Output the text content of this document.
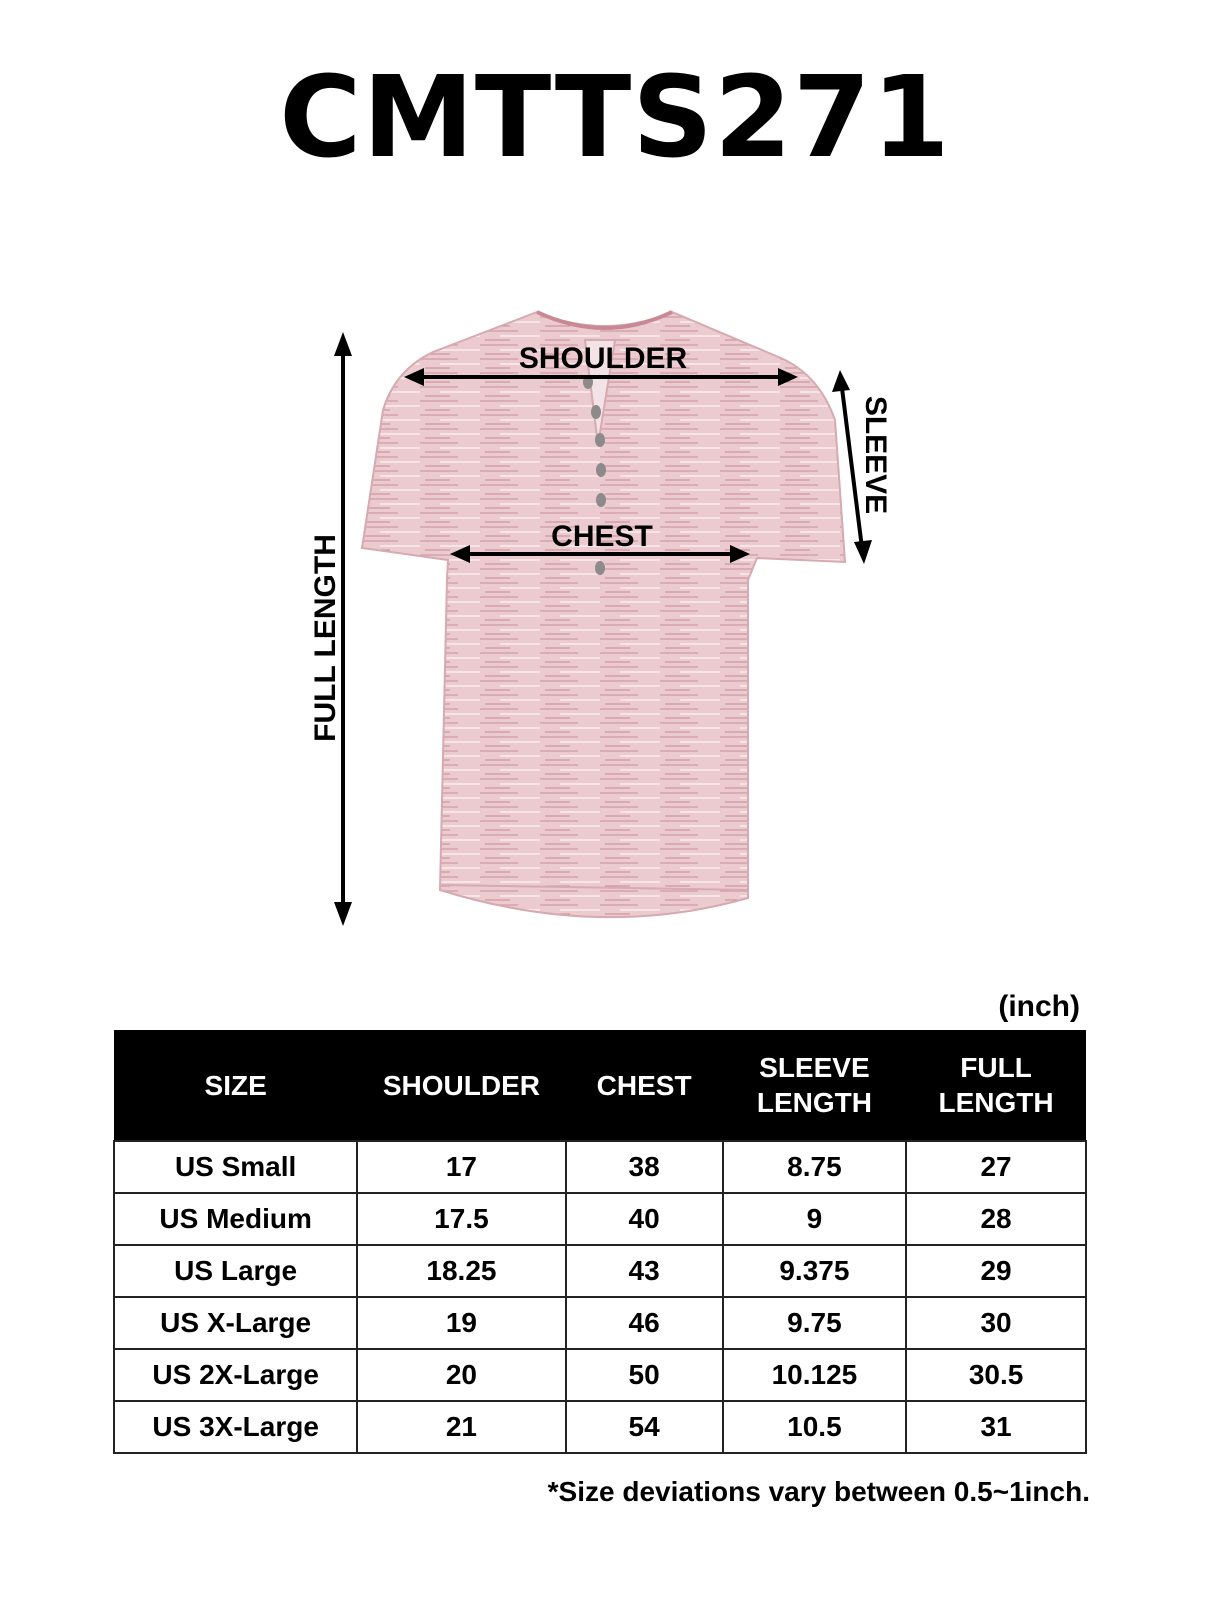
CMTTS271
SHOULDER
CHEST
SLEEVE
FULL LENGTH
(inch)
SIZE	SHOULDER	CHEST	SLEEVE LENGTH	FULL LENGTH
US Small	17	38	8.75	27
US Medium	17.5	40	9	28
US Large	18.25	43	9.375	29
US X-Large	19	46	9.75	30
US 2X-Large	20	50	10.125	30.5
US 3X-Large	21	54	10.5	31
*Size deviations vary between 0.5~1inch.
